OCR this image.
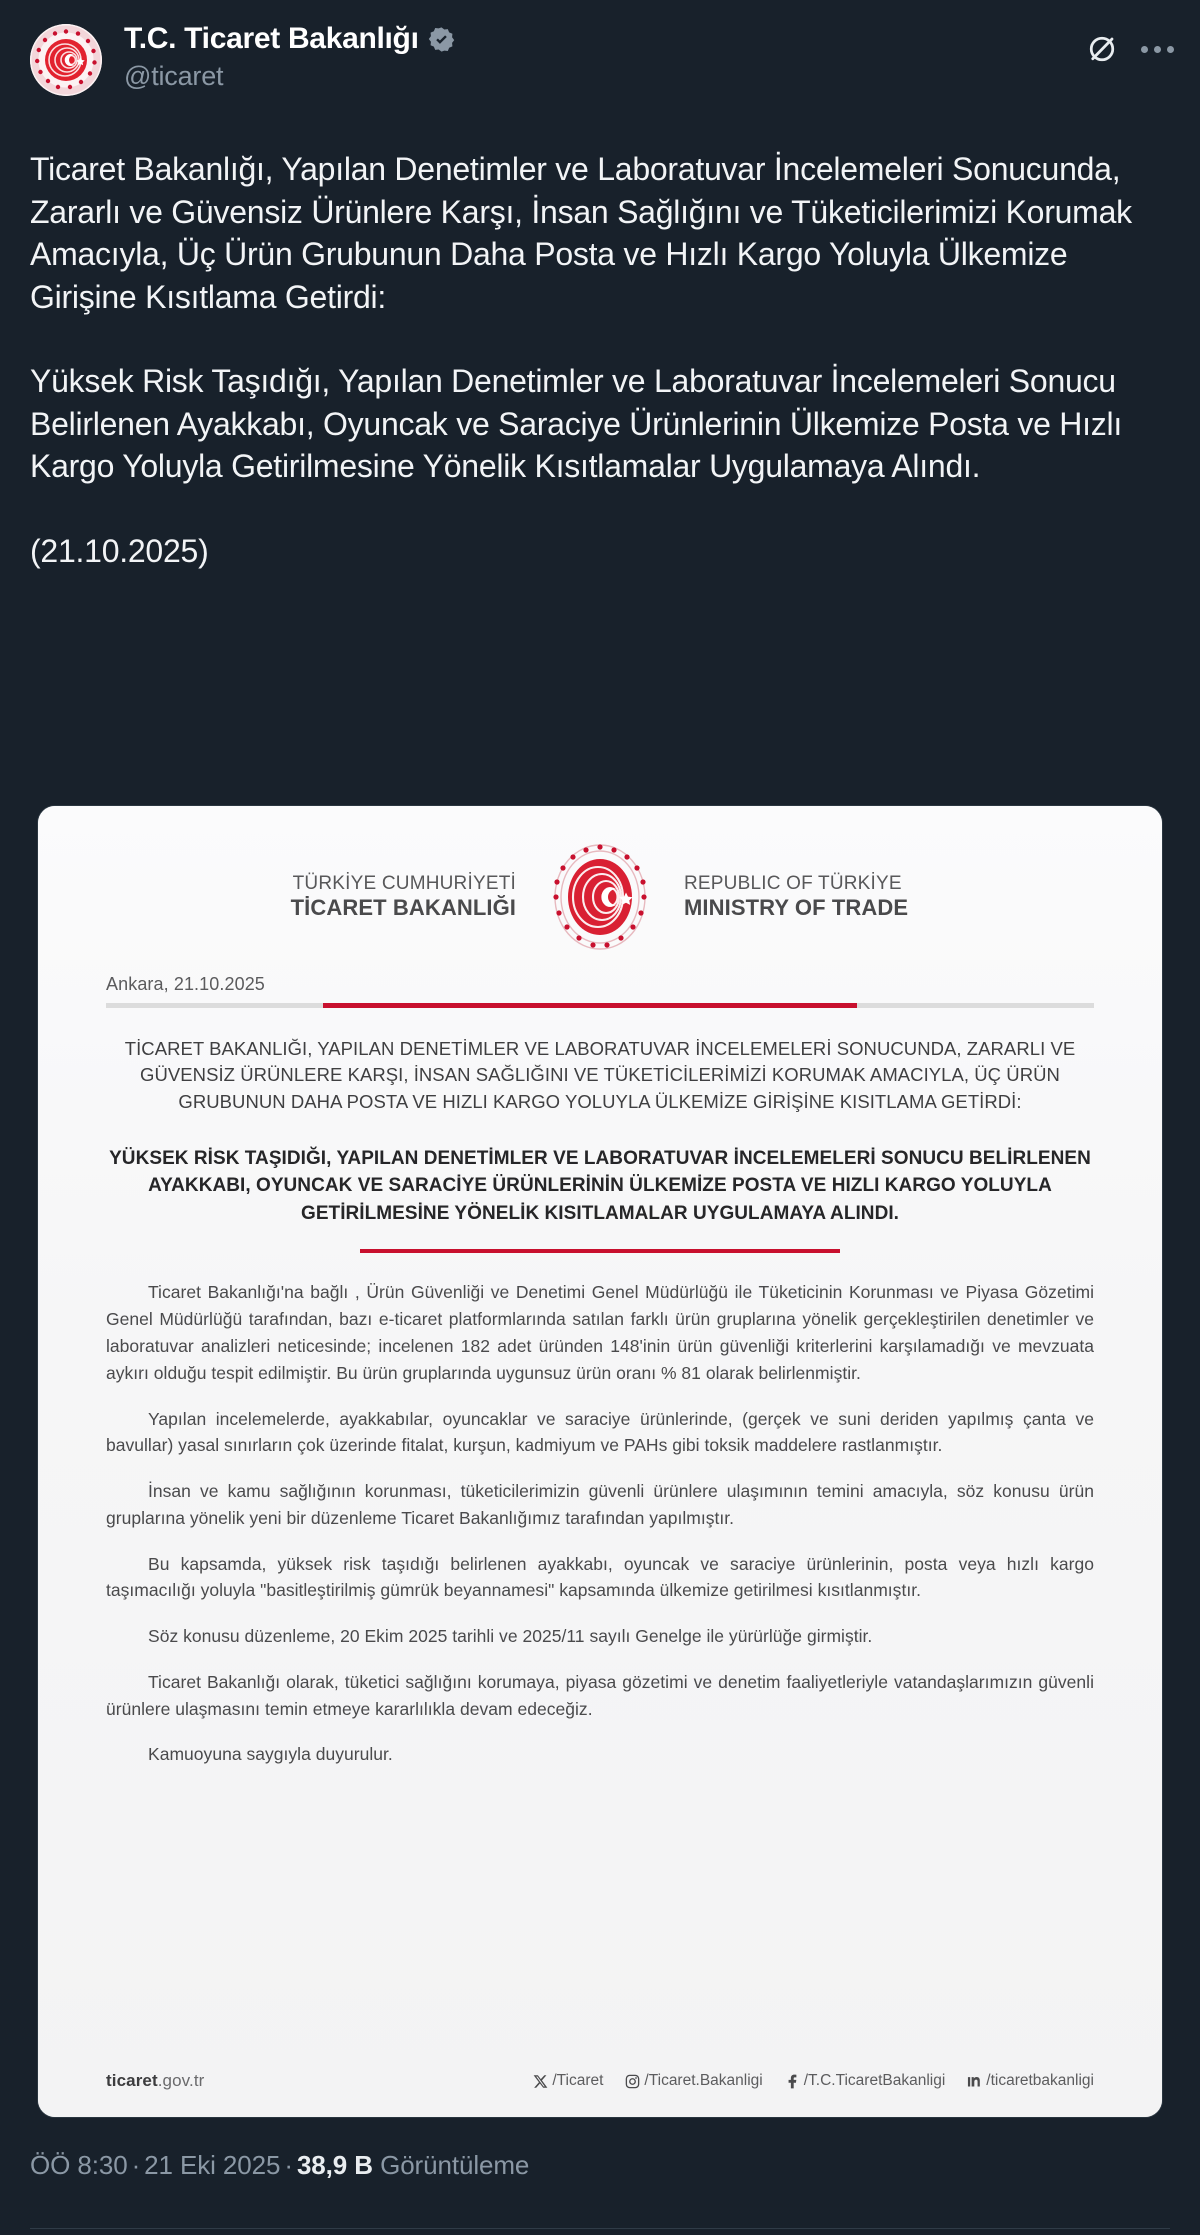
T.C. Ticaret Bakanlığı
@ticaret

Ticaret Bakanlığı, Yapılan Denetimler ve Laboratuvar İncelemeleri Sonucunda, Zararlı ve Güvensiz Ürünlere Karşı, İnsan Sağlığını ve Tüketicilerimizi Korumak Amacıyla, Üç Ürün Grubunun Daha Posta ve Hızlı Kargo Yoluyla Ülkemize Girişine Kısıtlama Getirdi:

Yüksek Risk Taşıdığı, Yapılan Denetimler ve Laboratuvar İncelemeleri Sonucu Belirlenen Ayakkabı, Oyuncak ve Saraciye Ürünlerinin Ülkemize Posta ve Hızlı Kargo Yoluyla Getirilmesine Yönelik Kısıtlamalar Uygulamaya Alındı.

(21.10.2025)

TÜRKİYE CUMHURİYETİ
TİCARET BAKANLIĞI
REPUBLIC OF TÜRKİYE
MINISTRY OF TRADE
Ankara, 21.10.2025
TİCARET BAKANLIĞI, YAPILAN DENETİMLER VE LABORATUVAR İNCELEMELERİ SONUCUNDA, ZARARLI VE GÜVENSİZ ÜRÜNLERE KARŞI, İNSAN SAĞLIĞINI VE TÜKETİCİLERİMİZİ KORUMAK AMACIYLA, ÜÇ ÜRÜN GRUBUNUN DAHA POSTA VE HIZLI KARGO YOLUYLA ÜLKEMİZE GİRİŞİNE KISITLAMA GETİRDİ:
YÜKSEK RİSK TAŞIDIĞI, YAPILAN DENETİMLER VE LABORATUVAR İNCELEMELERİ SONUCU BELİRLENEN AYAKKABI, OYUNCAK VE SARACİYE ÜRÜNLERİNİN ÜLKEMİZE POSTA VE HIZLI KARGO YOLUYLA GETİRİLMESİNE YÖNELİK KISITLAMALAR UYGULAMAYA ALINDI.

Ticaret Bakanlığı'na bağlı , Ürün Güvenliği ve Denetimi Genel Müdürlüğü ile Tüketicinin Korunması ve Piyasa Gözetimi Genel Müdürlüğü tarafından, bazı e-ticaret platformlarında satılan farklı ürün gruplarına yönelik gerçekleştirilen denetimler ve laboratuvar analizleri neticesinde; incelenen 182 adet üründen 148'inin ürün güvenliği kriterlerini karşılamadığı ve mevzuata aykırı olduğu tespit edilmiştir. Bu ürün gruplarında uygunsuz ürün oranı % 81 olarak belirlenmiştir.

Yapılan incelemelerde, ayakkabılar, oyuncaklar ve saraciye ürünlerinde, (gerçek ve suni deriden yapılmış çanta ve bavullar) yasal sınırların çok üzerinde fitalat, kurşun, kadmiyum ve PAHs gibi toksik maddelere rastlanmıştır.

İnsan ve kamu sağlığının korunması, tüketicilerimizin güvenli ürünlere ulaşımının temini amacıyla, söz konusu ürün gruplarına yönelik yeni bir düzenleme Ticaret Bakanlığımız tarafından yapılmıştır.

Bu kapsamda, yüksek risk taşıdığı belirlenen ayakkabı, oyuncak ve saraciye ürünlerinin, posta veya hızlı kargo taşımacılığı yoluyla "basitleştirilmiş gümrük beyannamesi" kapsamında ülkemize getirilmesi kısıtlanmıştır.

Söz konusu düzenleme, 20 Ekim 2025 tarihli ve 2025/11 sayılı Genelge ile yürürlüğe girmiştir.

Ticaret Bakanlığı olarak, tüketici sağlığını korumaya, piyasa gözetimi ve denetim faaliyetleriyle vatandaşlarımızın güvenli ürünlere ulaşmasını temin etmeye kararlılıkla devam edeceğiz.

Kamuoyuna saygıyla duyurulur.

ticaret.gov.tr	/Ticaret	/Ticaret.Bakanligi	/T.C.TicaretBakanligi	/ticaretbakanligi
ÖÖ 8:30 · 21 Eki 2025 · 38,9 B Görüntüleme
